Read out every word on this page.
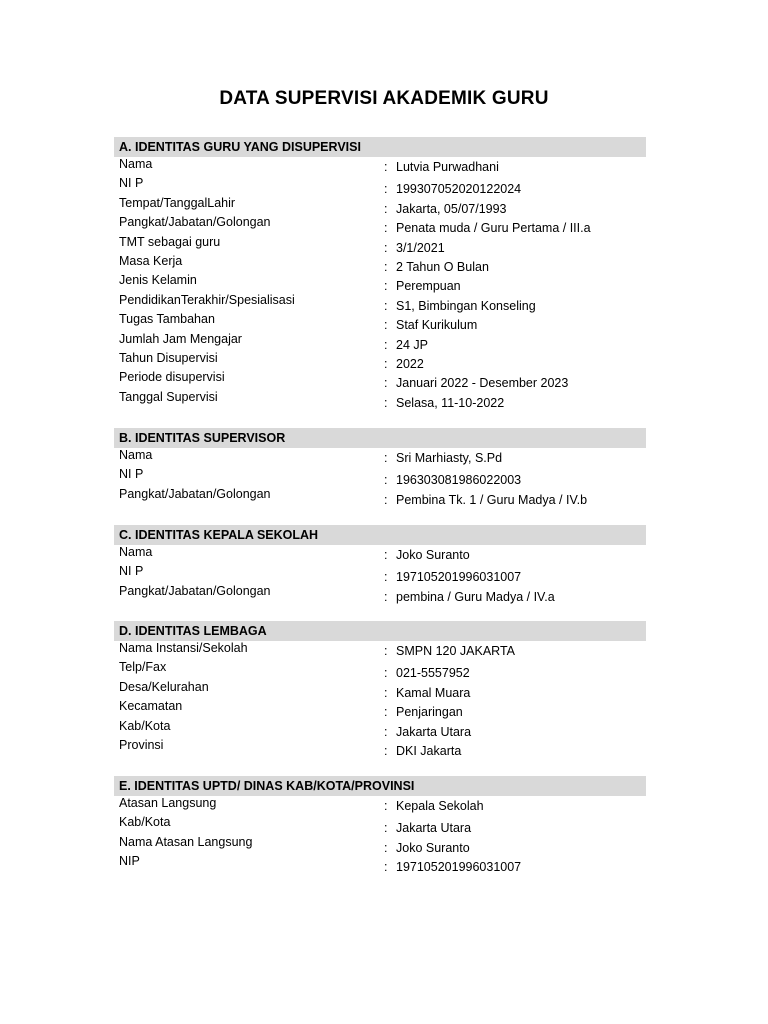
DATA SUPERVISI AKADEMIK GURU
A. IDENTITAS GURU YANG DISUPERVISI
Nama	: Lutvia Purwadhani
NI P	: 199307052020122024
Tempat/TanggalLahir	: Jakarta, 05/07/1993
Pangkat/Jabatan/Golongan	: Penata muda / Guru Pertama / III.a
TMT sebagai guru	: 3/1/2021
Masa Kerja	: 2 Tahun O Bulan
Jenis Kelamin	: Perempuan
PendidikanTerakhir/Spesialisasi	: S1, Bimbingan Konseling
Tugas Tambahan	: Staf Kurikulum
Jumlah Jam Mengajar	: 24 JP
Tahun Disupervisi	: 2022
Periode disupervisi	: Januari 2022 - Desember 2023
Tanggal Supervisi	: Selasa, 11-10-2022
B. IDENTITAS SUPERVISOR
Nama	: Sri Marhiasty, S.Pd
NI P	: 196303081986022003
Pangkat/Jabatan/Golongan	: Pembina Tk. 1 / Guru Madya / IV.b
C. IDENTITAS KEPALA SEKOLAH
Nama	: Joko Suranto
NI P	: 197105201996031007
Pangkat/Jabatan/Golongan	: pembina / Guru Madya / IV.a
D. IDENTITAS LEMBAGA
Nama Instansi/Sekolah	: SMPN 120 JAKARTA
Telp/Fax	: 021-5557952
Desa/Kelurahan	: Kamal Muara
Kecamatan	: Penjaringan
Kab/Kota	: Jakarta Utara
Provinsi	: DKI Jakarta
E. IDENTITAS UPTD/ DINAS KAB/KOTA/PROVINSI
Atasan Langsung	: Kepala Sekolah
Kab/Kota	: Jakarta Utara
Nama Atasan Langsung	: Joko Suranto
NIP	: 197105201996031007
